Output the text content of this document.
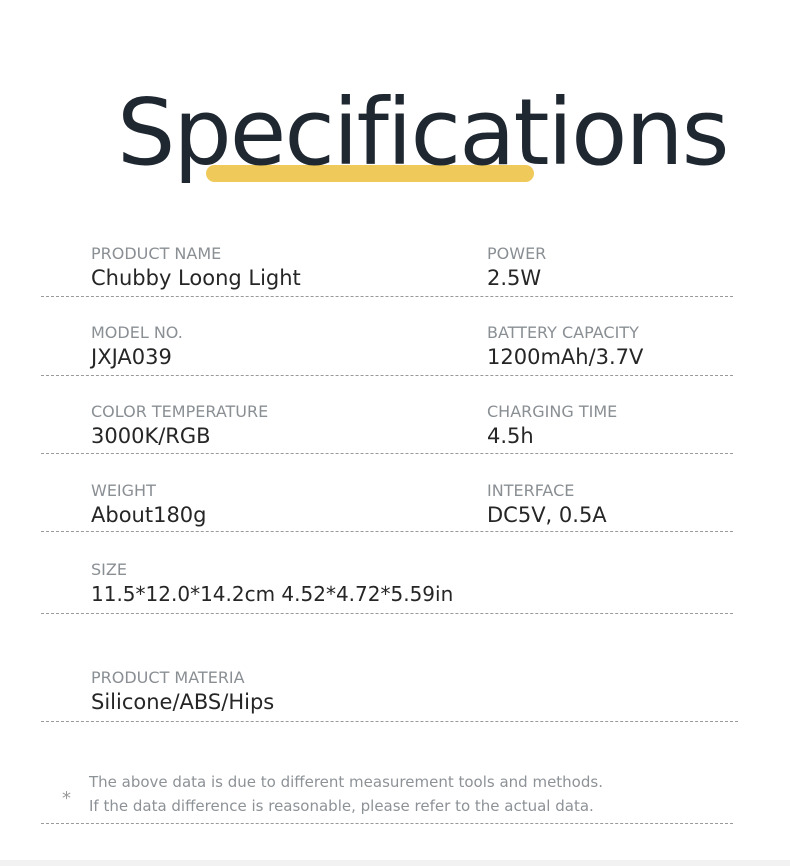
Specifications
PRODUCT NAME
Chubby Loong Light
POWER
2.5W
MODEL NO.
JXJA039
BATTERY CAPACITY
1200mAh/3.7V
COLOR TEMPERATURE
3000K/RGB
CHARGING TIME
4.5h
WEIGHT
About180g
INTERFACE
DC5V, 0.5A
SIZE
11.5*12.0*14.2cm 4.52*4.72*5.59in
PRODUCT MATERIA
Silicone/ABS/Hips
*
The above data is due to different measurement tools and methods.
If the data difference is reasonable, please refer to the actual data.
